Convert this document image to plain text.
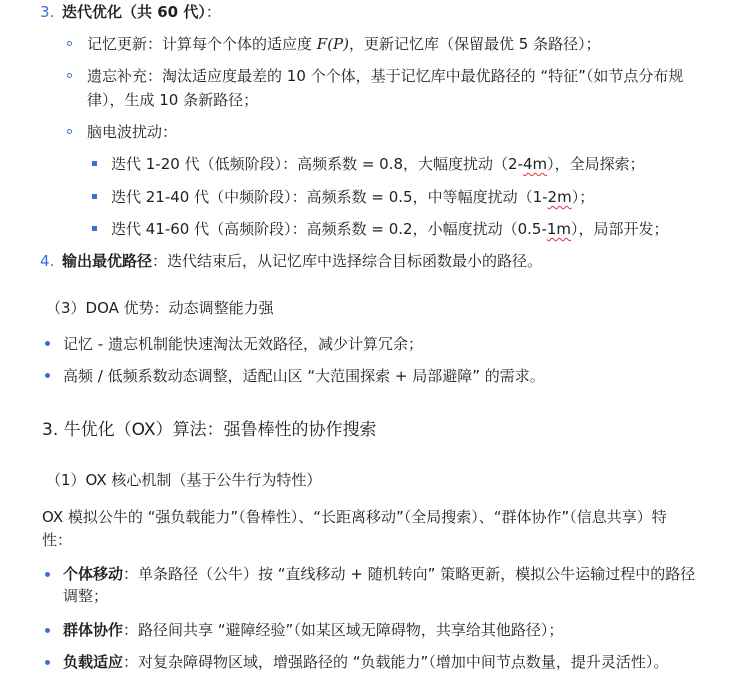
3. 迭代优化（共 60 代）：
记忆更新：计算每个个体的适应度 F(P)，更新记忆库（保留最优 5 条路径）；
遗忘补充：淘汰适应度最差的 10 个个体，基于记忆库中最优路径的 “特征”（如节点分布规
律），生成 10 条新路径；
脑电波扰动：
迭代 1-20 代（低频阶段）：高频系数 = 0.8，大幅度扰动（2-4m），全局探索；
迭代 21-40 代（中频阶段）：高频系数 = 0.5，中等幅度扰动（1-2m）；
迭代 41-60 代（高频阶段）：高频系数 = 0.2，小幅度扰动（0.5-1m），局部开发；
4. 输出最优路径：迭代结束后，从记忆库中选择综合目标函数最小的路径。
（3）DOA 优势：动态调整能力强
记忆 - 遗忘机制能快速淘汰无效路径，减少计算冗余；
高频 / 低频系数动态调整，适配山区 “大范围探索 + 局部避障” 的需求。
3. 牛优化（OX）算法：强鲁棒性的协作搜索
（1）OX 核心机制（基于公牛行为特性）
OX 模拟公牛的 “强负载能力”（鲁棒性）、“长距离移动”（全局搜索）、“群体协作”（信息共享）特
性：
个体移动：单条路径（公牛）按 “直线移动 + 随机转向” 策略更新，模拟公牛运输过程中的路径
调整；
群体协作：路径间共享 “避障经验”（如某区域无障碍物，共享给其他路径）；
负载适应：对复杂障碍物区域，增强路径的 “负载能力”（增加中间节点数量，提升灵活性）。
